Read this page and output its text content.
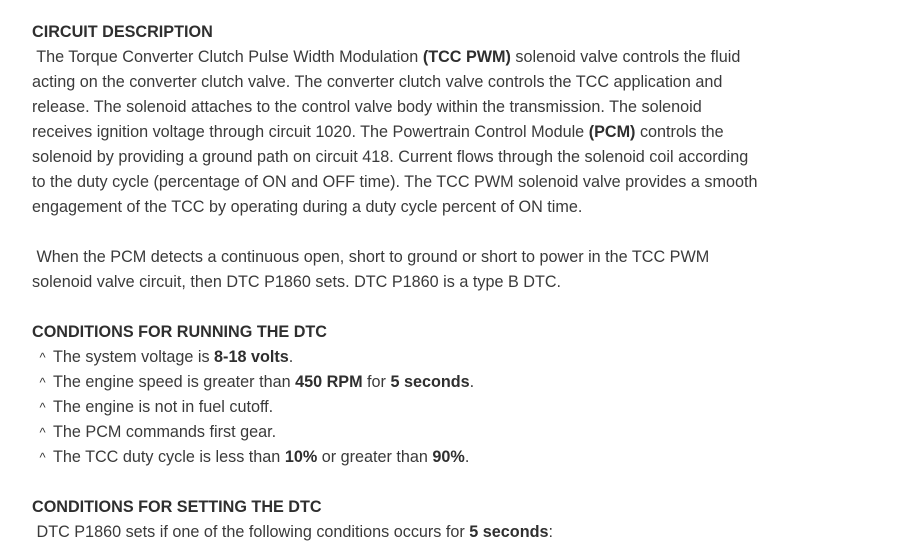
CIRCUIT DESCRIPTION
The Torque Converter Clutch Pulse Width Modulation (TCC PWM) solenoid valve controls the fluid
acting on the converter clutch valve. The converter clutch valve controls the TCC application and
release. The solenoid attaches to the control valve body within the transmission. The solenoid
receives ignition voltage through circuit 1020. The Powertrain Control Module (PCM) controls the
solenoid by providing a ground path on circuit 418. Current flows through the solenoid coil according
to the duty cycle (percentage of ON and OFF time). The TCC PWM solenoid valve provides a smooth
engagement of the TCC by operating during a duty cycle percent of ON time.
When the PCM detects a continuous open, short to ground or short to power in the TCC PWM
solenoid valve circuit, then DTC P1860 sets. DTC P1860 is a type B DTC.
CONDITIONS FOR RUNNING THE DTC
^ The system voltage is 8-18 volts.
^ The engine speed is greater than 450 RPM for 5 seconds.
^ The engine is not in fuel cutoff.
^ The PCM commands first gear.
^ The TCC duty cycle is less than 10% or greater than 90%.
CONDITIONS FOR SETTING THE DTC
DTC P1860 sets if one of the following conditions occurs for 5 seconds:
